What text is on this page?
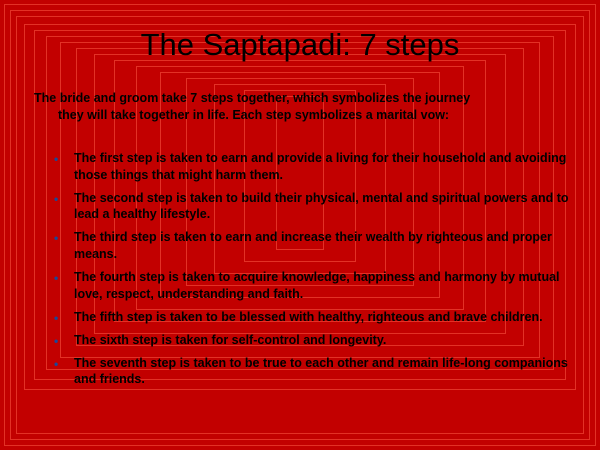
The Saptapadi: 7 steps

The bride and groom take 7 steps together, which symbolizes the journey
they will take together in life. Each step symbolizes a marital vow:

• The first step is taken to earn and provide a living for their household and avoiding those things that might harm them.
• The second step is taken to build their physical, mental and spiritual powers and to lead a healthy lifestyle.
• The third step is taken to earn and increase their wealth by righteous and proper means.
• The fourth step is taken to acquire knowledge, happiness and harmony by mutual love, respect, understanding and faith.
• The fifth step is taken to be blessed with healthy, righteous and brave children.
• The sixth step is taken for self-control and longevity.
• The seventh step is taken to be true to each other and remain life-long companions and friends.
